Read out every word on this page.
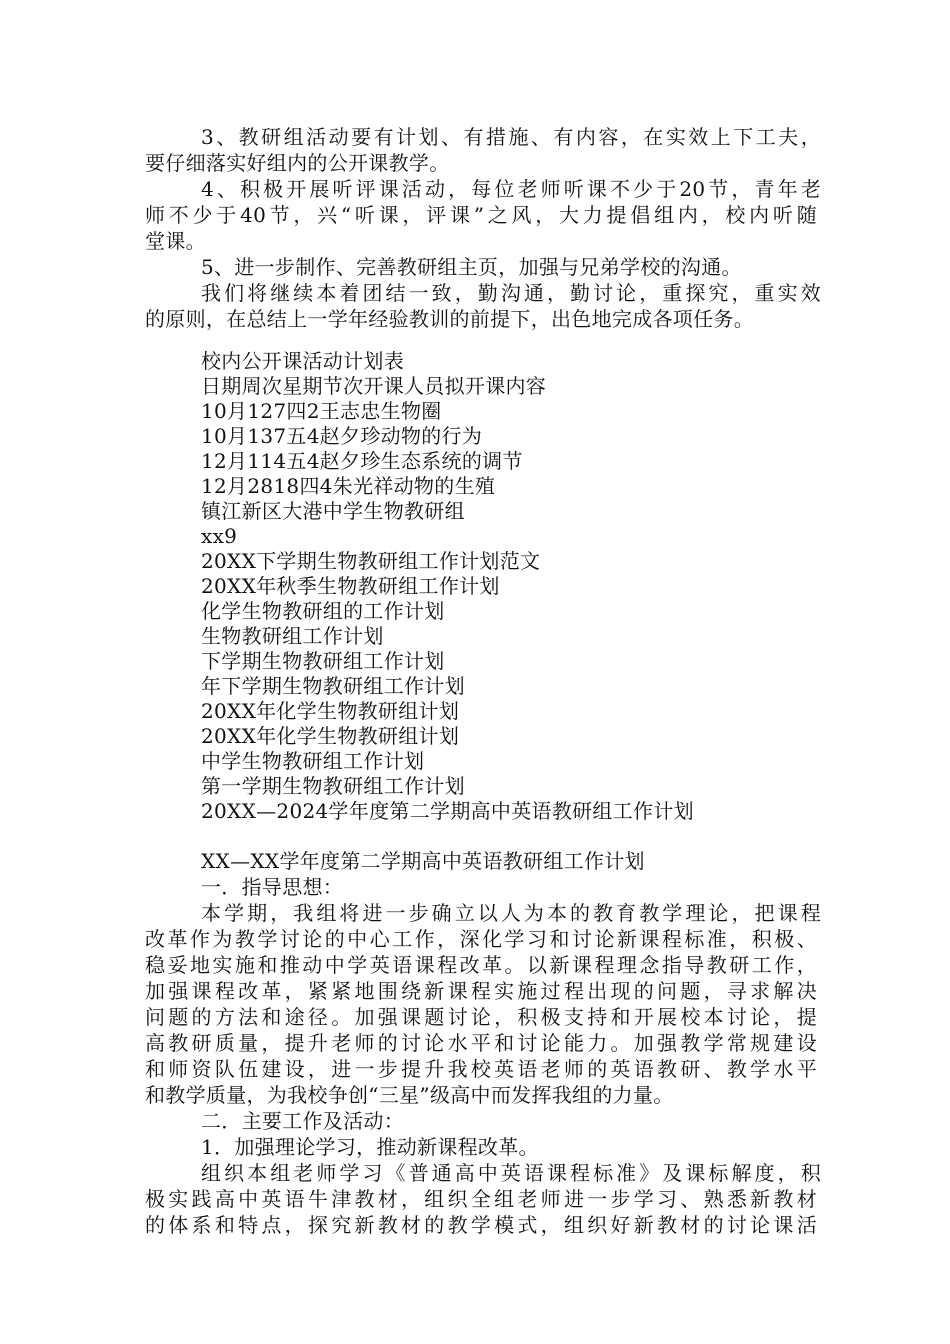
3、教研组活动要有计划、有措施、有内容，在实效上下工夫，
要仔细落实好组内的公开课教学。
4、积极开展听评课活动，每位老师听课不少于20节，青年老
师不少于40节，兴“听课，评课”之风，大力提倡组内，校内听随
堂课。
5、进一步制作、完善教研组主页，加强与兄弟学校的沟通。
我们将继续本着团结一致，勤沟通，勤讨论，重探究，重实效
的原则，在总结上一学年经验教训的前提下，出色地完成各项任务。
校内公开课活动计划表
日期周次星期节次开课人员拟开课内容
10月127四2王志忠生物圈
10月137五4赵夕珍动物的行为
12月114五4赵夕珍生态系统的调节
12月2818四4朱光祥动物的生殖
镇江新区大港中学生物教研组
xx9
20XX下学期生物教研组工作计划范文
20XX年秋季生物教研组工作计划
化学生物教研组的工作计划
生物教研组工作计划
下学期生物教研组工作计划
年下学期生物教研组工作计划
20XX年化学生物教研组计划
20XX年化学生物教研组计划
中学生物教研组工作计划
第一学期生物教研组工作计划
20XX—2024学年度第二学期高中英语教研组工作计划
XX—XX学年度第二学期高中英语教研组工作计划
一．指导思想：
本学期，我组将进一步确立以人为本的教育教学理论，把课程
改革作为教学讨论的中心工作，深化学习和讨论新课程标准，积极、
稳妥地实施和推动中学英语课程改革。以新课程理念指导教研工作，
加强课程改革，紧紧地围绕新课程实施过程出现的问题，寻求解决
问题的方法和途径。加强课题讨论，积极支持和开展校本讨论，提
高教研质量，提升老师的讨论水平和讨论能力。加强教学常规建设
和师资队伍建设，进一步提升我校英语老师的英语教研、教学水平
和教学质量，为我校争创“三星”级高中而发挥我组的力量。
二．主要工作及活动：
1．加强理论学习，推动新课程改革。
组织本组老师学习《普通高中英语课程标准》及课标解度，积
极实践高中英语牛津教材，组织全组老师进一步学习、熟悉新教材
的体系和特点，探究新教材的教学模式，组织好新教材的讨论课活
